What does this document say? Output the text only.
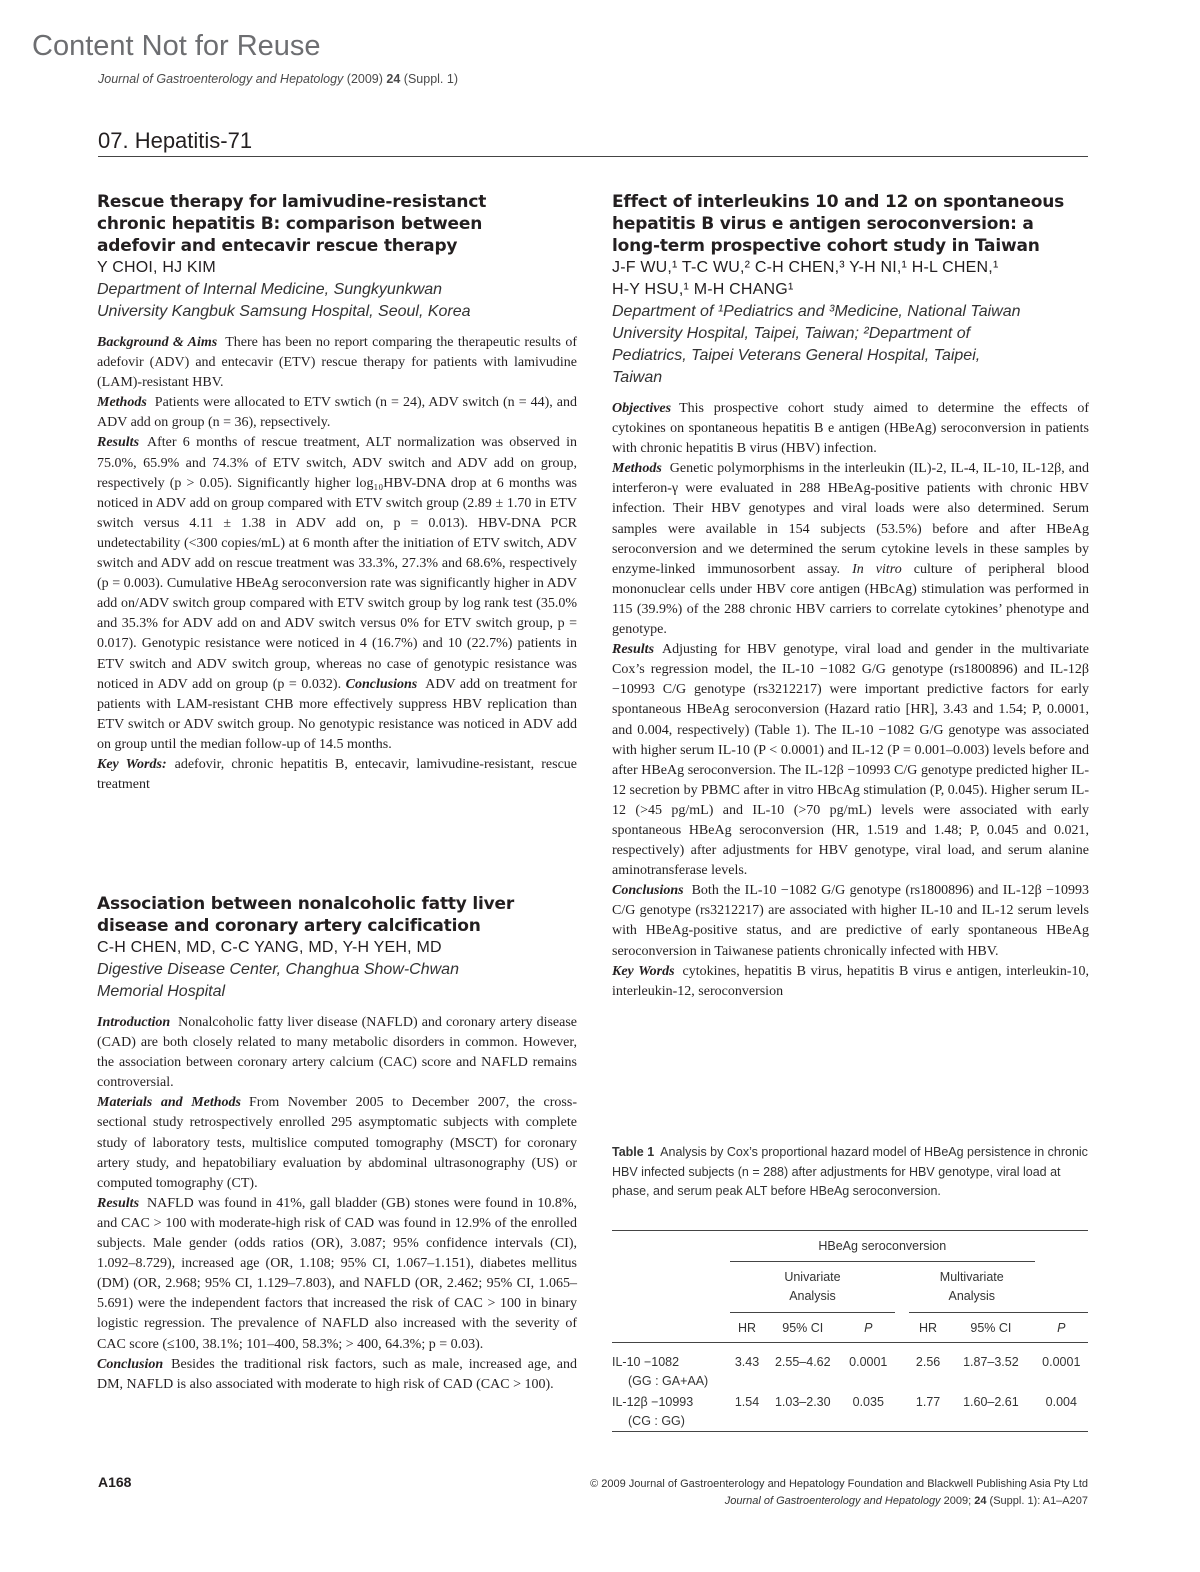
Content Not for Reuse
Journal of Gastroenterology and Hepatology (2009) 24 (Suppl. 1)
07. Hepatitis-71
Rescue therapy for lamivudine-resistanct
chronic hepatitis B: comparison between
adefovir and entecavir rescue therapy
Y CHOI, HJ KIM
Department of Internal Medicine, Sungkyunkwan
University Kangbuk Samsung Hospital, Seoul, Korea

Background & Aims There has been no report comparing the therapeutic results of adefovir (ADV) and entecavir (ETV) rescue therapy for patients with lamivudine (LAM)-resistant HBV.

Methods Patients were allocated to ETV swtich (n = 24), ADV switch (n = 44), and ADV add on group (n = 36), repsectively.

Results After 6 months of rescue treatment, ALT normalization was observed in 75.0%, 65.9% and 74.3% of ETV switch, ADV switch and ADV add on group, respectively (p > 0.05). Significantly higher log₁₀HBV-DNA drop at 6 months was noticed in ADV add on group compared with ETV switch group (2.89 ± 1.70 in ETV switch versus 4.11 ± 1.38 in ADV add on, p = 0.013). HBV-DNA PCR undetectability (<300 copies/mL) at 6 month after the initiation of ETV switch, ADV switch and ADV add on rescue treatment was 33.3%, 27.3% and 68.6%, respectively (p = 0.003). Cumulative HBeAg seroconversion rate was significantly higher in ADV add on/ADV switch group compared with ETV switch group by log rank test (35.0% and 35.3% for ADV add on and ADV switch versus 0% for ETV switch group, p = 0.017). Genotypic resistance were noticed in 4 (16.7%) and 10 (22.7%) patients in ETV switch and ADV switch group, whereas no case of genotypic resistance was noticed in ADV add on group (p = 0.032). Conclusions ADV add on treatment for patients with LAM-resistant CHB more effectively suppress HBV replication than ETV switch or ADV switch group. No genotypic resistance was noticed in ADV add on group until the median follow-up of 14.5 months.

Key Words: adefovir, chronic hepatitis B, entecavir, lamivudine-resistant, rescue treatment

Association between nonalcoholic fatty liver
disease and coronary artery calcification
C-H CHEN, MD, C-C YANG, MD, Y-H YEH, MD
Digestive Disease Center, Changhua Show-Chwan
Memorial Hospital

Introduction Nonalcoholic fatty liver disease (NAFLD) and coronary artery disease (CAD) are both closely related to many metabolic disorders in common. However, the association between coronary artery calcium (CAC) score and NAFLD remains controversial.

Materials and Methods From November 2005 to December 2007, the cross-sectional study retrospectively enrolled 295 asymptomatic subjects with complete study of laboratory tests, multislice computed tomography (MSCT) for coronary artery study, and hepatobiliary evaluation by abdominal ultrasonography (US) or computed tomography (CT).

Results NAFLD was found in 41%, gall bladder (GB) stones were found in 10.8%, and CAC > 100 with moderate-high risk of CAD was found in 12.9% of the enrolled subjects. Male gender (odds ratios (OR), 3.087; 95% confidence intervals (CI), 1.092–8.729), increased age (OR, 1.108; 95% CI, 1.067–1.151), diabetes mellitus (DM) (OR, 2.968; 95% CI, 1.129–7.803), and NAFLD (OR, 2.462; 95% CI, 1.065–5.691) were the independent factors that increased the risk of CAC > 100 in binary logistic regression. The prevalence of NAFLD also increased with the severity of CAC score (≤100, 38.1%; 101–400, 58.3%; > 400, 64.3%; p = 0.03).

Conclusion Besides the traditional risk factors, such as male, increased age, and DM, NAFLD is also associated with moderate to high risk of CAD (CAC > 100).

Effect of interleukins 10 and 12 on spontaneous
hepatitis B virus e antigen seroconversion: a
long-term prospective cohort study in Taiwan
J-F WU,¹ T-C WU,² C-H CHEN,³ Y-H NI,¹ H-L CHEN,¹
H-Y HSU,¹ M-H CHANG¹
Department of ¹Pediatrics and ³Medicine, National Taiwan
University Hospital, Taipei, Taiwan; ²Department of
Pediatrics, Taipei Veterans General Hospital, Taipei,
Taiwan

Objectives This prospective cohort study aimed to determine the effects of cytokines on spontaneous hepatitis B e antigen (HBeAg) seroconversion in patients with chronic hepatitis B virus (HBV) infection.

Methods Genetic polymorphisms in the interleukin (IL)-2, IL-4, IL-10, IL-12β, and interferon-γ were evaluated in 288 HBeAg-positive patients with chronic HBV infection. Their HBV genotypes and viral loads were also determined. Serum samples were available in 154 subjects (53.5%) before and after HBeAg seroconversion and we determined the serum cytokine levels in these samples by enzyme-linked immunosorbent assay. In vitro culture of peripheral blood mononuclear cells under HBV core antigen (HBcAg) stimulation was performed in 115 (39.9%) of the 288 chronic HBV carriers to correlate cytokines’ phenotype and genotype.

Results Adjusting for HBV genotype, viral load and gender in the multivariate Cox’s regression model, the IL-10 −1082 G/G genotype (rs1800896) and IL-12β −10993 C/G genotype (rs3212217) were important predictive factors for early spontaneous HBeAg seroconversion (Hazard ratio [HR], 3.43 and 1.54; P, 0.0001, and 0.004, respectively) (Table 1). The IL-10 −1082 G/G genotype was associated with higher serum IL-10 (P < 0.0001) and IL-12 (P = 0.001–0.003) levels before and after HBeAg seroconversion. The IL-12β −10993 C/G genotype predicted higher IL-12 secretion by PBMC after in vitro HBcAg stimulation (P, 0.045). Higher serum IL-12 (>45 pg/mL) and IL-10 (>70 pg/mL) levels were associated with early spontaneous HBeAg seroconversion (HR, 1.519 and 1.48; P, 0.045 and 0.021, respectively) after adjustments for HBV genotype, viral load, and serum alanine aminotransferase levels.

Conclusions Both the IL-10 −1082 G/G genotype (rs1800896) and IL-12β −10993 C/G genotype (rs3212217) are associated with higher IL-10 and IL-12 serum levels with HBeAg-positive status, and are predictive of early spontaneous HBeAg seroconversion in Taiwanese patients chronically infected with HBV.

Key Words cytokines, hepatitis B virus, hepatitis B virus e antigen, interleukin-10, interleukin-12, seroconversion

Table 1 Analysis by Cox’s proportional hazard model of HBeAg persistence in chronic HBV infected subjects (n = 288) after adjustments for HBV genotype, viral load at phase, and serum peak ALT before HBeAg seroconversion.
	HBeAg seroconversion						

	Univariate Analysis				Multivariate Analysis		

	HR	95% CI	P		HR	95% CI	P

IL-10 −1082
(GG : GA+AA)	3.43	2.55–4.62	0.0001		2.56	1.87–3.52	0.0001

IL-12β −10993
(CG : GG)	1.54	1.03–2.30	0.035		1.77	1.60–2.61	0.004

A168	© 2009 Journal of Gastroenterology and Hepatology Foundation and Blackwell Publishing Asia Pty Ltd
Journal of Gastroenterology and Hepatology 2009; 24 (Suppl. 1): A1–A207
